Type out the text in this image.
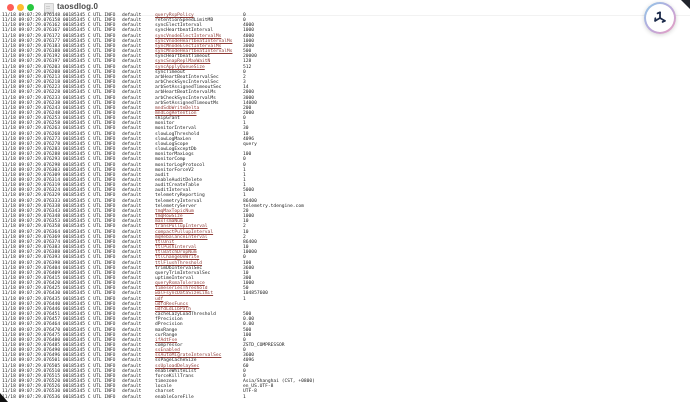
taosdlog.0
11/18 09:07:29.076148 00185345 C UTL INFO default	queryRspPolicy	0
11/18 09:07:29.076158 00185345 C UTL INFO default	retentionSpeedLimitMB	0
11/18 09:07:29.076162 00185345 C UTL INFO default	syncElectInterval	4000
11/18 09:07:29.076167 00185345 C UTL INFO default	syncHeartbeatInterval	1000
11/18 09:07:29.076172 00185345 C UTL INFO default	syncVnodeElectIntervalMs	4000
11/18 09:07:29.076177 00185345 C UTL INFO default	syncVnodeHeartbeatIntervalMs 1000
11/18 09:07:29.076183 00185345 C UTL INFO default	syncMnodeElectIntervalMs	3000
11/18 09:07:29.076188 00185345 C UTL INFO default	syncMnodeHeartbeatIntervalMs 500
11/18 09:07:29.076192 00185345 C UTL INFO default	syncHeartbeatTimeout	20000
11/18 09:07:29.076197 00185345 C UTL INFO default	syncSnapReplMaxWaitN	128
11/18 09:07:29.076203 00185345 C UTL INFO default	syncApplyQueueSize	512
11/18 09:07:29.076208 00185345 C UTL INFO default	syncTimeout	0
11/18 09:07:29.076213 00185345 C UTL INFO default	arbHeartBeatIntervalSec	2
11/18 09:07:29.076218 00185345 C UTL INFO default	arbCheckSyncIntervalSec	3
11/18 09:07:29.076223 00185345 C UTL INFO default	arbSetAssignedTimeoutSec	14
11/18 09:07:29.076228 00185345 C UTL INFO default	arbHeartBeatIntervalMs	2000
11/18 09:07:29.076233 00185345 C UTL INFO default	arbCheckSyncIntervalMs	3000
11/18 09:07:29.076238 00185345 C UTL INFO default	arbSetAssignedTimeoutMs	14000
11/18 09:07:29.076243 00185345 C UTL INFO default	mndSdbWriteDelta	200
11/18 09:07:29.076248 00185345 C UTL INFO default	mndLogRetention	2000
11/18 09:07:29.076253 00185345 C UTL INFO default	skipGrant	0
11/18 09:07:29.076258 00185345 C UTL INFO default	monitor	1
11/18 09:07:29.076263 00185345 C UTL INFO default	monitorInterval	30
11/18 09:07:29.076268 00185345 C UTL INFO default	slowLogThreshold	10
11/18 09:07:29.076273 00185345 C UTL INFO default	slowLogMaxLen	4096
11/18 09:07:29.076278 00185345 C UTL INFO default	slowLogScope	query
11/18 09:07:29.076283 00185345 C UTL INFO default	slowLogExceptDb
11/18 09:07:29.076288 00185345 C UTL INFO default	monitorMaxLogs	100
11/18 09:07:29.076293 00185345 C UTL INFO default	monitorComp	0
11/18 09:07:29.076298 00185345 C UTL INFO default	monitorLogProtocol	0
11/18 09:07:29.076303 00185345 C UTL INFO default	monitorForceV2	1
11/18 09:07:29.076309 00185345 C UTL INFO default	audit	1
11/18 09:07:29.076314 00185345 C UTL INFO default	enableAuditDelete	1
11/18 09:07:29.076319 00185345 C UTL INFO default	auditCreateTable	1
11/18 09:07:29.076324 00185345 C UTL INFO default	auditInterval	5000
11/18 09:07:29.076329 00185345 C UTL INFO default	telemetryReporting	1
11/18 09:07:29.076333 00185345 C UTL INFO default	telemetryInterval	86400
11/18 09:07:29.076338 00185345 C UTL INFO default	telemetryServer	telemetry.tdengine.com
11/18 09:07:29.076343 00185345 C UTL INFO default	tmqMaxTopicNum	20
11/18 09:07:29.076348 00185345 C UTL INFO default	tmqRowSize	1000
11/18 09:07:29.076353 00185345 C UTL INFO default	maxTsmaNum	10
11/18 09:07:29.076358 00185345 C UTL INFO default	transPullupInterval	2
11/18 09:07:29.076364 00185345 C UTL INFO default	compactPullupInterval	10
11/18 09:07:29.076369 00185345 C UTL INFO default	mqRebalanceInterval	2
11/18 09:07:29.076374 00185345 C UTL INFO default	ttlUnit	86400
11/18 09:07:29.076383 00185345 C UTL INFO default	ttlPushInterval	10
11/18 09:07:29.076388 00185345 C UTL INFO default	ttlBatchDropNum	10000
11/18 09:07:29.076393 00185345 C UTL INFO default	ttlChangeOnWrite	0
11/18 09:07:29.076398 00185345 C UTL INFO default	ttlFlushThreshold	100
11/18 09:07:29.076404 00185345 C UTL INFO default	trimDbIntervalSec	3600
11/18 09:07:29.076409 00185345 C UTL INFO default	queryTrimIntervalSec	10
11/18 09:07:29.076415 00185345 C UTL INFO default	uptimeInterval	300
11/18 09:07:29.076420 00185345 C UTL INFO default	queryRsmaTolerance	1000
11/18 09:07:29.076425 00185345 C UTL INFO default	timeseriesThreshold	50
11/18 09:07:29.076430 00185345 C UTL INFO default	walFsyncDataSizeLimit	104857600
11/18 09:07:29.076435 00185345 C UTL INFO default	udf	1
11/18 09:07:29.076440 00185345 C UTL INFO default	udfdResFuncs
11/18 09:07:29.076446 00185345 C UTL INFO default	udfdLdLibPath
11/18 09:07:29.076451 00185345 C UTL INFO default	cacheLazyLoadThreshold	500
11/18 09:07:29.076457 00185345 C UTL INFO default	fPrecision	0.00
11/18 09:07:29.076464 00185345 C UTL INFO default	dPrecision	0.00
11/18 09:07:29.076470 00185345 C UTL INFO default	maxRange	500
11/18 09:07:29.076475 00185345 C UTL INFO default	curRange	100
11/18 09:07:29.076480 00185345 C UTL INFO default	ifAdtFse	0
11/18 09:07:29.076485 00185345 C UTL INFO default	compressor	ZSTD_COMPRESSOR
11/18 09:07:29.076490 00185345 C UTL INFO default	ssEnabled	0
11/18 09:07:29.076496 00185345 C UTL INFO default	ssAutoMigrateIntervalSec	3600
11/18 09:07:29.076501 00185345 C UTL INFO default	ssPageCacheSize	4096
11/18 09:07:29.076505 00185345 C UTL INFO default	ssUploadDelaySec	60
11/18 09:07:29.076510 00185345 C UTL INFO default	enableWhiteList	0
11/18 09:07:29.076515 00185345 C UTL INFO default	forceKillTrans	0
11/18 09:07:29.076520 00185345 C UTL INFO default	timezone	Asia/Shanghai (CST, +0800)
11/18 09:07:29.076526 00185345 C UTL INFO default	locale	en_US.UTF-8
11/18 09:07:29.076530 00185345 C UTL INFO default	charset	UTF-8
11/18 09:07:29.076536 00185345 C UTL INFO default	enableCoreFile	1
